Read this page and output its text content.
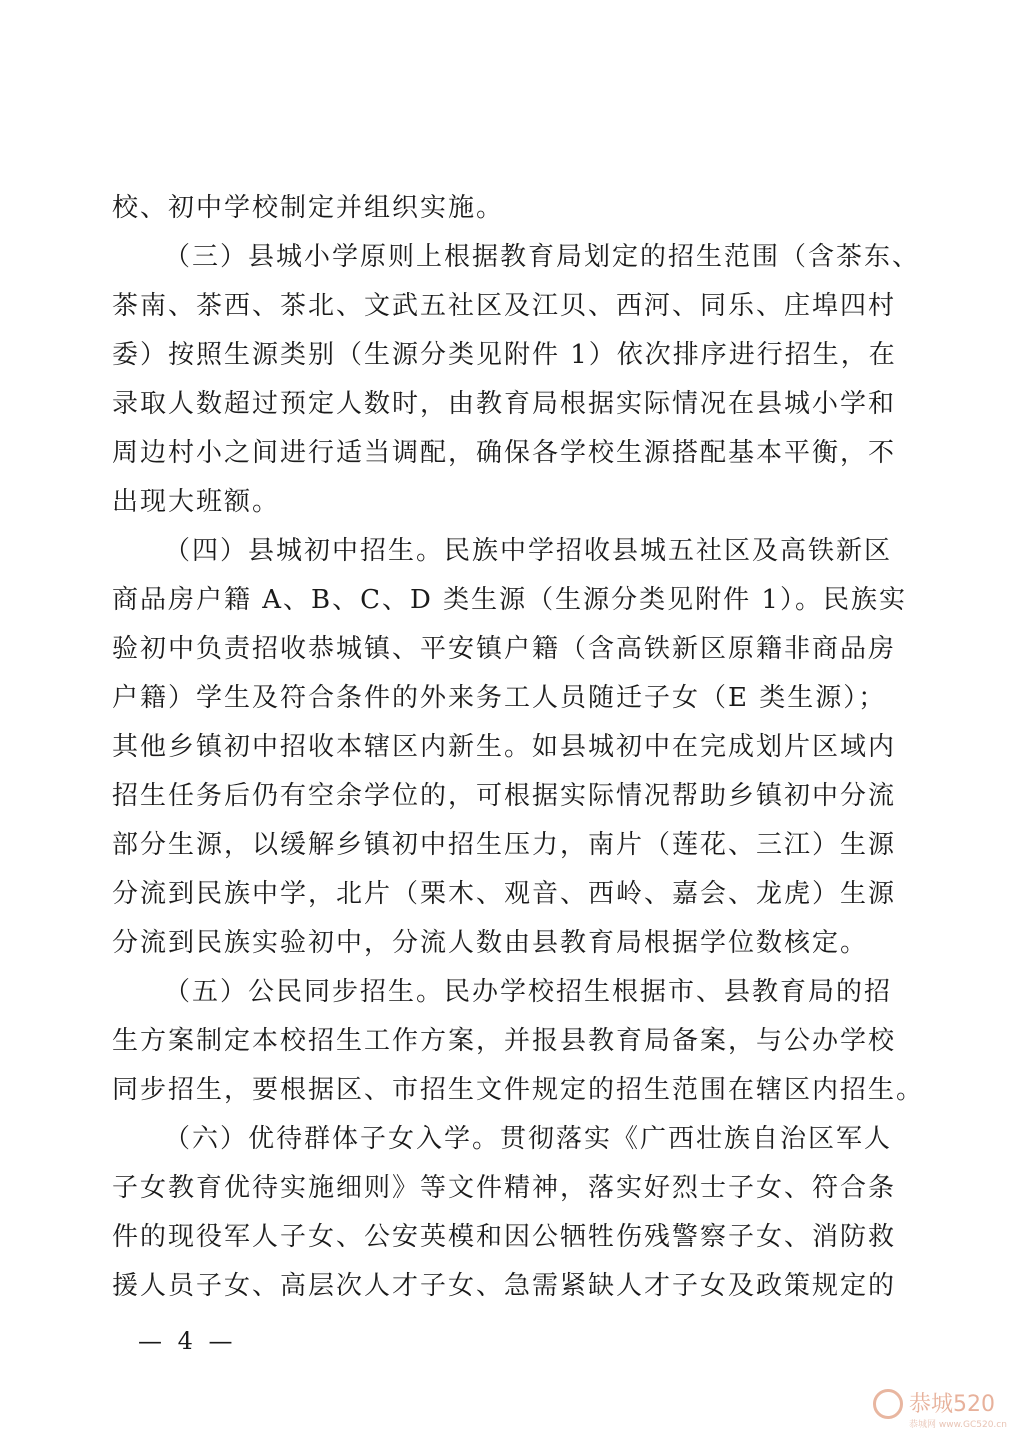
校、初中学校制定并组织实施。
（三）县城小学原则上根据教育局划定的招生范围（含茶东、
茶南、茶西、茶北、文武五社区及江贝、西河、同乐、庄埠四村
委）按照生源类别（生源分类见附件 1）依次排序进行招生，在
录取人数超过预定人数时，由教育局根据实际情况在县城小学和
周边村小之间进行适当调配，确保各学校生源搭配基本平衡，不
出现大班额。
（四）县城初中招生。民族中学招收县城五社区及高铁新区
商品房户籍 A、B、C、D 类生源（生源分类见附件 1）。民族实
验初中负责招收恭城镇、平安镇户籍（含高铁新区原籍非商品房
户籍）学生及符合条件的外来务工人员随迁子女（E 类生源）；
其他乡镇初中招收本辖区内新生。如县城初中在完成划片区域内
招生任务后仍有空余学位的，可根据实际情况帮助乡镇初中分流
部分生源，以缓解乡镇初中招生压力，南片（莲花、三江）生源
分流到民族中学，北片（栗木、观音、西岭、嘉会、龙虎）生源
分流到民族实验初中，分流人数由县教育局根据学位数核定。
（五）公民同步招生。民办学校招生根据市、县教育局的招
生方案制定本校招生工作方案，并报县教育局备案，与公办学校
同步招生，要根据区、市招生文件规定的招生范围在辖区内招生。
（六）优待群体子女入学。贯彻落实《广西壮族自治区军人
子女教育优待实施细则》等文件精神，落实好烈士子女、符合条
件的现役军人子女、公安英模和因公牺牲伤残警察子女、消防救
援人员子女、高层次人才子女、急需紧缺人才子女及政策规定的
— 4 —
恭城520
恭城网 www.GC520.cn
